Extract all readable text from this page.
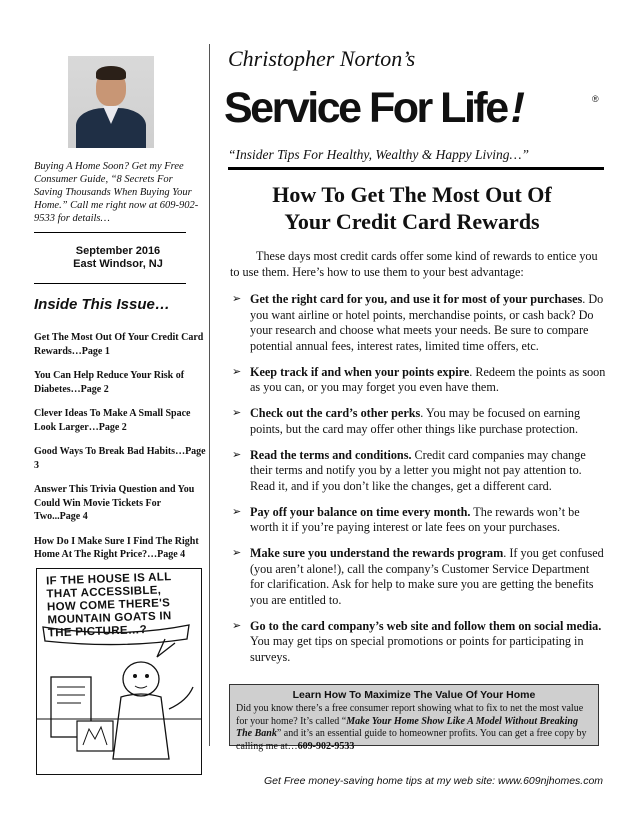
Buying A Home Soon? Get my Free Consumer Guide, “8 Secrets For Saving Thousands When Buying Your Home.” Call me right now at 609-902-9533 for details…
September 2016
East Windsor, NJ
Inside This Issue…
Get The Most Out Of Your Credit Card Rewards…Page 1
You Can Help Reduce Your Risk of Diabetes…Page 2
Clever Ideas To Make A Small Space Look Larger…Page 2
Good Ways To Break Bad Habits…Page 3
Answer This Trivia Question and You Could Win Movie Tickets For Two...Page 4
How Do I Make Sure I Find The Right Home At The Right Price?…Page 4
IF THE HOUSE IS ALL THAT ACCESSIBLE, HOW COME THERE'S MOUNTAIN GOATS IN THE PICTURE…?
Christopher Norton’s
Service For Life!	®
“Insider Tips For Healthy, Wealthy & Happy Living…”
How To Get The Most Out Of
Your Credit Card Rewards

These days most credit cards offer some kind of rewards to entice you to use them. Here’s how to use them to your best advantage:

➢ Get the right card for you, and use it for most of your purchases. Do you want airline or hotel points, merchandise points, or cash back? Do your research and choose what meets your needs. Be sure to compare potential annual fees, interest rates, limited time offers, etc.
➢ Keep track if and when your points expire. Redeem the points as soon as you can, or you may forget you even have them.
➢ Check out the card’s other perks. You may be focused on earning points, but the card may offer other things like purchase protection.
➢ Read the terms and conditions. Credit card companies may change their terms and notify you by a letter you might not pay attention to. Read it, and if you don’t like the changes, get a different card.
➢ Pay off your balance on time every month. The rewards won’t be worth it if you’re paying interest or late fees on your purchases.
➢ Make sure you understand the rewards program. If you get confused (you aren’t alone!), call the company’s Customer Service Department for clarification. Ask for help to make sure you are getting the benefits you are entitled to.
➢ Go to the card company’s web site and follow them on social media. You may get tips on special promotions or points for participating in surveys.
Learn How To Maximize The Value Of Your Home
Did you know there’s a free consumer report showing what to fix to net the most value for your home? It’s called “Make Your Home Show Like A Model Without Breaking The Bank” and it’s an essential guide to homeowner profits. You can get a free copy by calling me at…609-902-9533
Get Free money-saving home tips at my web site: www.609njhomes.com
